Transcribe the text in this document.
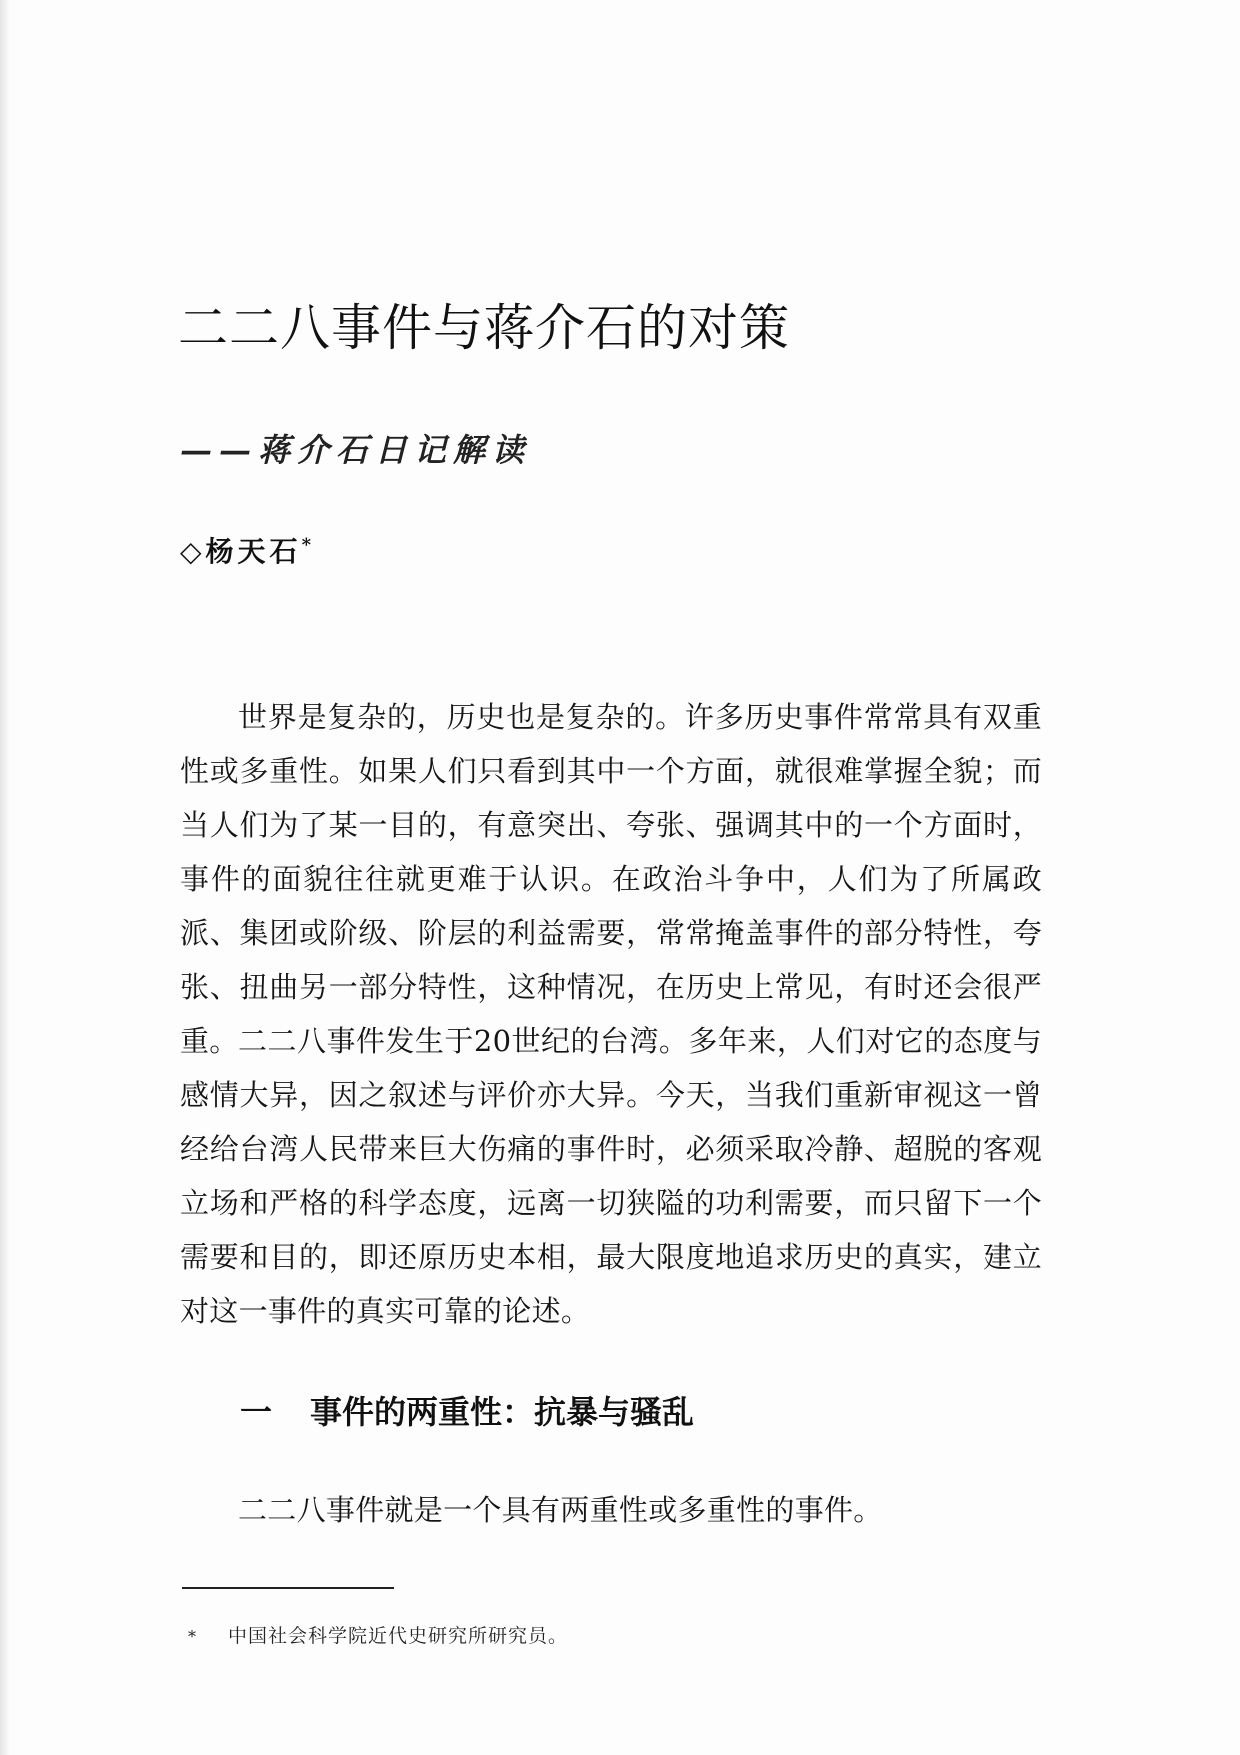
二二八事件与蒋介石的对策
——蒋介石日记解读
◇杨天石*

世界是复杂的，历史也是复杂的。许多历史事件常常具有双重性或多重性。如果人们只看到其中一个方面，就很难掌握全貌；而当人们为了某一目的，有意突出、夸张、强调其中的一个方面时，事件的面貌往往就更难于认识。在政治斗争中，人们为了所属政派、集团或阶级、阶层的利益需要，常常掩盖事件的部分特性，夸张、扭曲另一部分特性，这种情况，在历史上常见，有时还会很严重。 二二八事件发生于20世纪的台湾。多年来，人们对它的态度与感情大异，因之叙述与评价亦大异。今天，当我们重新审视这一曾经给台湾人民带来巨大伤痛的事件时，必须采取冷静、超脱的客观立场和严格的科学态度，远离一切狭隘的功利需要，而只留下一个需要和目的，即还原历史本相，最大限度地追求历史的真实，建立对这一事件的真实可靠的论述。

一 事件的两重性：抗暴与骚乱

二二八事件就是一个具有两重性或多重性的事件。

* 中国社会科学院近代史研究所研究员。
